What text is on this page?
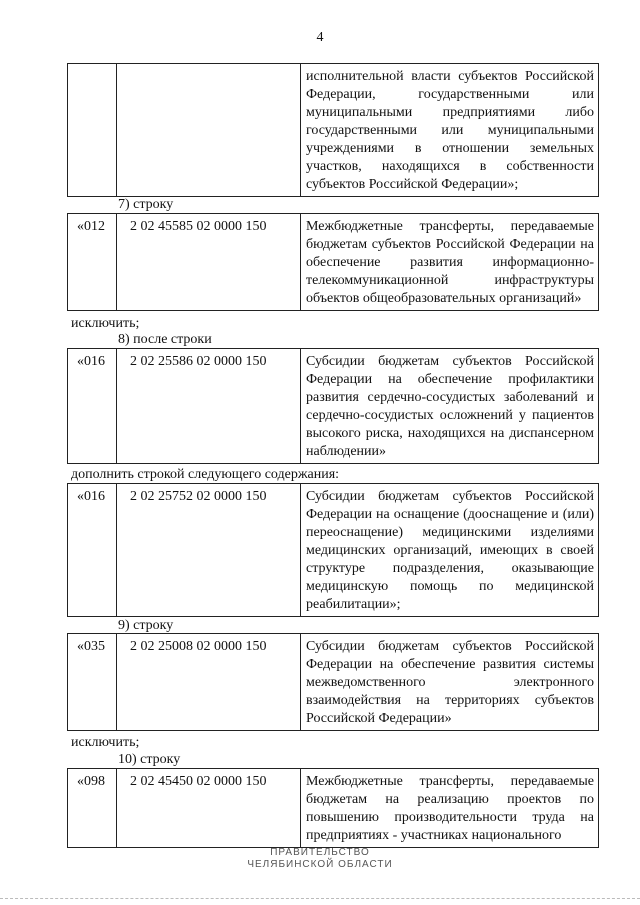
4
		исполнительной власти субъектов Российской Федерации, государственными или муниципальными предприятиями либо государственными или муниципальными учреждениями в отношении земельных участков, находящихся в собственности субъектов Российской Федерации»;
7) строку
«012	2 02 45585 02 0000 150	Межбюджетные трансферты, передаваемые бюджетам субъектов Российской Федерации на обеспечение развития информационно-телекоммуникационной инфраструктуры объектов общеобразовательных организаций»
исключить;
8) после строки
«016	2 02 25586 02 0000 150	Субсидии бюджетам субъектов Российской Федерации на обеспечение профилактики развития сердечно-сосудистых заболеваний и сердечно-сосудистых осложнений у пациентов высокого риска, находящихся на диспансерном наблюдении»
дополнить строкой следующего содержания:
«016	2 02 25752 02 0000 150	Субсидии бюджетам субъектов Российской Федерации на оснащение (дооснащение и (или) переоснащение) медицинскими изделиями медицинских организаций, имеющих в своей структуре подразделения, оказывающие медицинскую помощь по медицинской реабилитации»;
9) строку
«035	2 02 25008 02 0000 150	Субсидии бюджетам субъектов Российской Федерации на обеспечение развития системы межведомственного электронного взаимодействия на территориях субъектов Российской Федерации»
исключить;
10) строку
«098	2 02 45450 02 0000 150	Межбюджетные трансферты, передаваемые бюджетам на реализацию проектов по повышению производительности труда на предприятиях - участниках национального
ПРАВИТЕЛЬСТВО
ЧЕЛЯБИНСКОЙ ОБЛАСТИ
